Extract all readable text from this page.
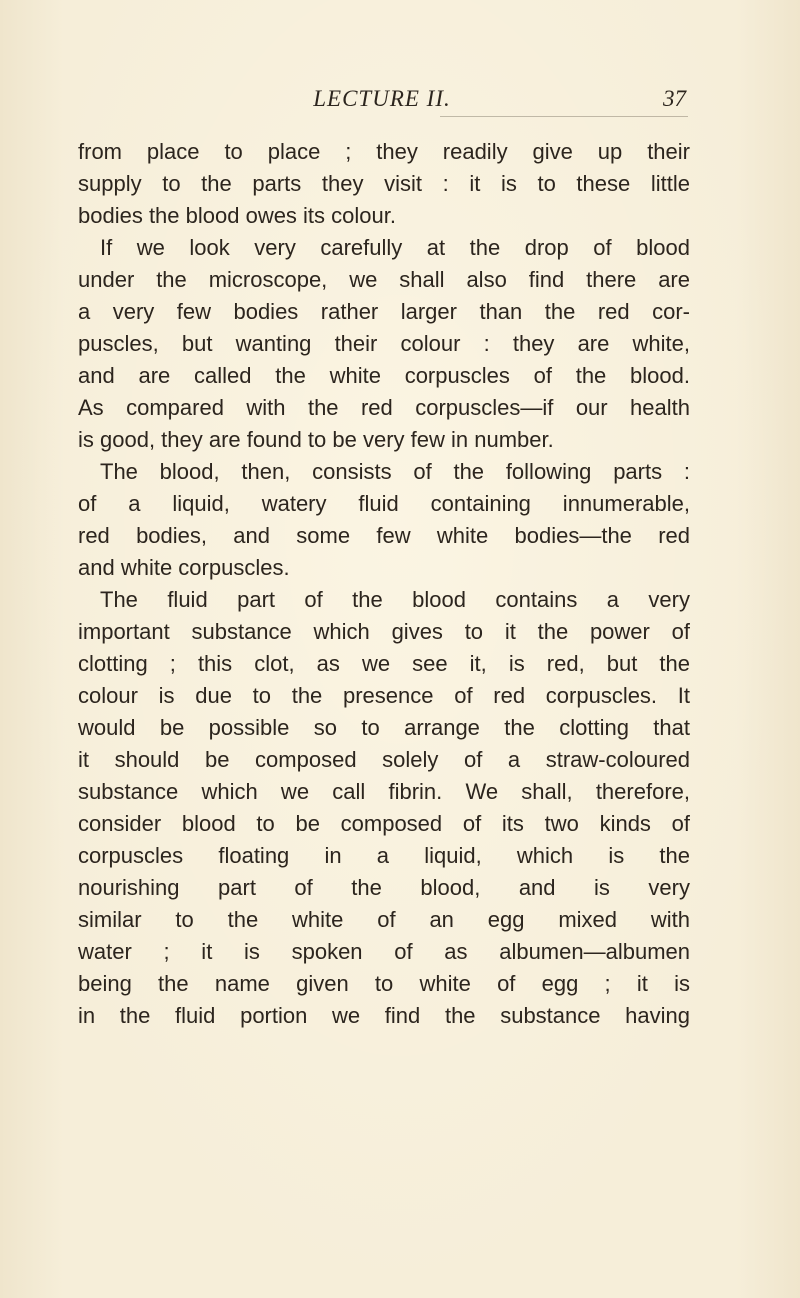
LECTURE II.	37
from place to place ; they readily give up their
supply to the parts they visit : it is to these little
bodies the blood owes its colour.
If we look very carefully at the drop of blood
under the microscope, we shall also find there are
a very few bodies rather larger than the red cor-
puscles, but wanting their colour : they are white,
and are called the white corpuscles of the blood.
As compared with the red corpuscles—if our health
is good, they are found to be very few in number.
The blood, then, consists of the following parts :
of a liquid, watery fluid containing innumerable,
red bodies, and some few white bodies—the red
and white corpuscles.
The fluid part of the blood contains a very
important substance which gives to it the power of
clotting ; this clot, as we see it, is red, but the
colour is due to the presence of red corpuscles. It
would be possible so to arrange the clotting that
it should be composed solely of a straw-coloured
substance which we call fibrin. We shall, therefore,
consider blood to be composed of its two kinds of
corpuscles floating in a liquid, which is the
nourishing part of the blood, and is very
similar to the white of an egg mixed with
water ; it is spoken of as albumen—albumen
being the name given to white of egg ; it is
in the fluid portion we find the substance having
